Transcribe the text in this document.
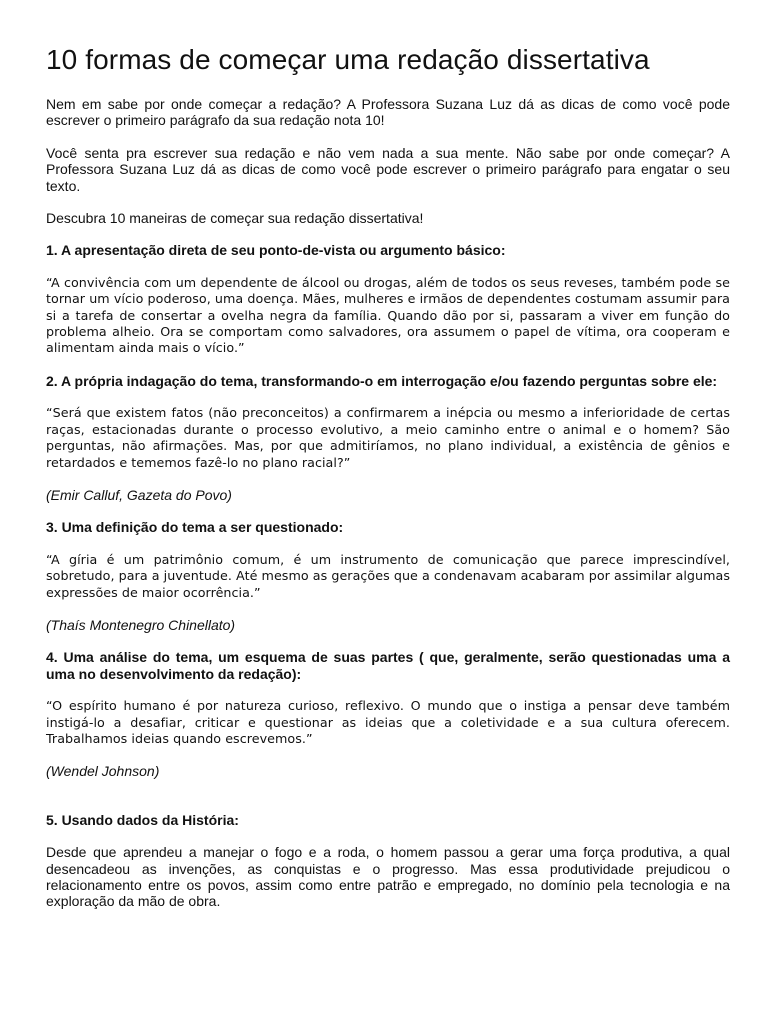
10 formas de começar uma redação dissertativa

Nem em sabe por onde começar a redação? A Professora Suzana Luz dá as dicas de como você pode escrever o primeiro parágrafo da sua redação nota 10!

Você senta pra escrever sua redação e não vem nada a sua mente. Não sabe por onde começar? A Professora Suzana Luz dá as dicas de como você pode escrever o primeiro parágrafo para engatar o seu texto.

Descubra 10 maneiras de começar sua redação dissertativa!

1. A apresentação direta de seu ponto-de-vista ou argumento básico:

“A convivência com um dependente de álcool ou drogas, além de todos os seus reveses, também pode se tornar um vício poderoso, uma doença. Mães, mulheres e irmãos de dependentes costumam assumir para si a tarefa de consertar a ovelha negra da família. Quando dão por si, passaram a viver em função do problema alheio. Ora se comportam como salvadores, ora assumem o papel de vítima, ora cooperam e alimentam ainda mais o vício.”

2. A própria indagação do tema, transformando-o em interrogação e/ou fazendo perguntas sobre ele:

“Será que existem fatos (não preconceitos) a confirmarem a inépcia ou mesmo a inferioridade de certas raças, estacionadas durante o processo evolutivo, a meio caminho entre o animal e o homem? São perguntas, não afirmações. Mas, por que admitiríamos, no plano individual, a existência de gênios e retardados e tememos fazê-lo no plano racial?”

(Emir Calluf, Gazeta do Povo)

3. Uma definição do tema a ser questionado:

“A gíria é um patrimônio comum, é um instrumento de comunicação que parece imprescindível, sobretudo, para a juventude. Até mesmo as gerações que a condenavam acabaram por assimilar algumas expressões de maior ocorrência.”

(Thaís Montenegro Chinellato)

4. Uma análise do tema, um esquema de suas partes ( que, geralmente, serão questionadas uma a uma no desenvolvimento da redação):

“O espírito humano é por natureza curioso, reflexivo. O mundo que o instiga a pensar deve também instigá-lo a desafiar, criticar e questionar as ideias que a coletividade e a sua cultura oferecem. Trabalhamos ideias quando escrevemos.”

(Wendel Johnson)

5. Usando dados da História:

Desde que aprendeu a manejar o fogo e a roda, o homem passou a gerar uma força produtiva, a qual desencadeou as invenções, as conquistas e o progresso. Mas essa produtividade prejudicou o relacionamento entre os povos, assim como entre patrão e empregado, no domínio pela tecnologia e na exploração da mão de obra.
